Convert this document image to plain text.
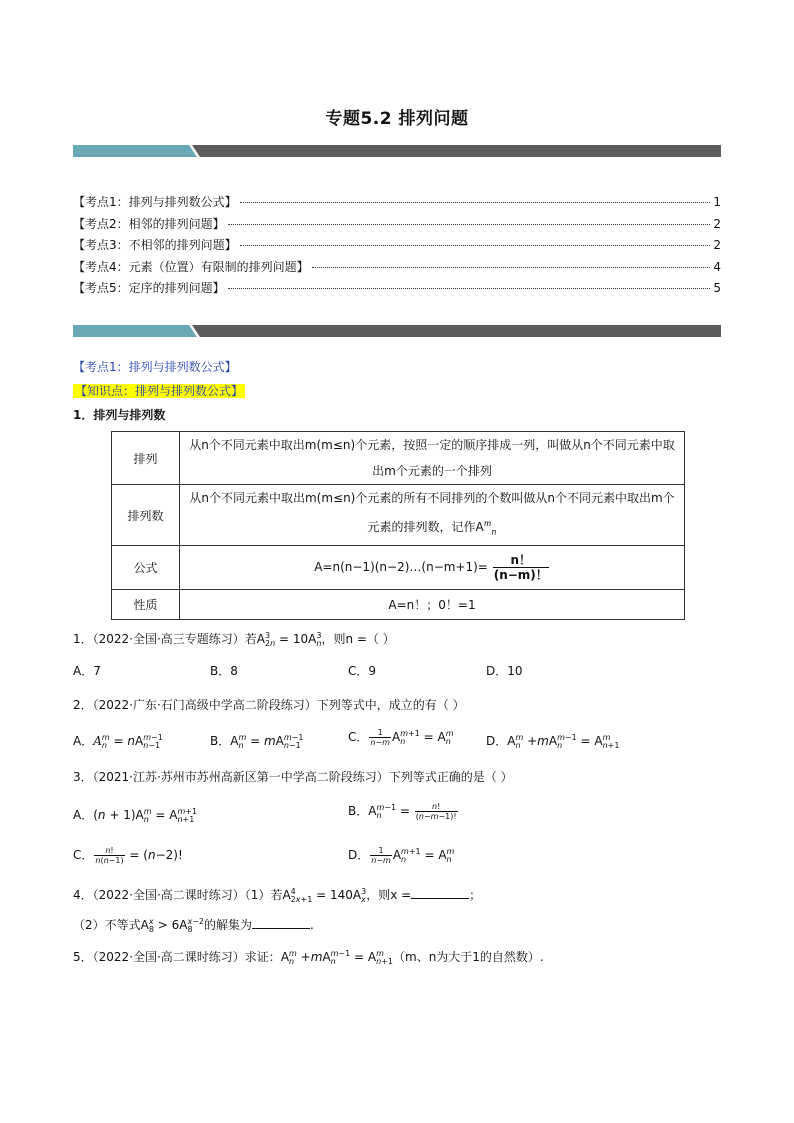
专题5.2 排列问题
【考点1：排列与排列数公式】	1
【考点2：相邻的排列问题】	2
【考点3：不相邻的排列问题】	2
【考点4：元素（位置）有限制的排列问题】	4
【考点5：定序的排列问题】	5
【考点1：排列与排列数公式】
【知识点：排列与排列数公式】
1．排列与排列数
排列	从n个不同元素中取出m(m≤n)个元素，按照一定的顺序排成一列，叫做从n个不同元素中取出m个元素的一个排列
排列数	从n个不同元素中取出m(m≤n)个元素的所有不同排列的个数叫做从n个不同元素中取出m个元素的排列数，记作$A^m_n$
公式	A=n(n−1)(n−2)…(n−m+1)= $\frac{n!}{(n-m)!}$

性质	A=n！；0！=1
1．（2022·全国·高三专题练习）若A 3
2n = 10A 3
n ，则n =（ ）
A．7	B．8	C．9	D．10
2．（2022·广东·石门高级中学高二阶段练习）下列等式中，成立的有（ ）
A．A m
n = nA m−1
n−1	B．A m
n = mA m−1
n−1
C． $\frac{1}{n-m}$ A m+1
n	= A m
n	D．A m
n +mA m−1
n	= A m
n+1
3．（2021·江苏·苏州市苏州高新区第一中学高二阶段练习）下列等式正确的是（ ）
A．(n + 1)A m
n = A m+1
n+1
B．A m−1
n	= $\frac{n!}{(n-m-1)!}$
C． $\frac{n!}{n(n-1)} = (n-2)$!	D． $\frac{1}{n-m}$ A m+1
n	= A m
n
4．（2022·全国·高二课时练习）（1）若A 4
2x+1 = 140A 3
x ，则x =	；
（2）不等式A x
8 > 6A x−2
8 的解集为	.
5．（2022·全国·高二课时练习）求证：A m
n +mA m−1
n	= A m
n+1 （m、n为大于1的自然数）.
